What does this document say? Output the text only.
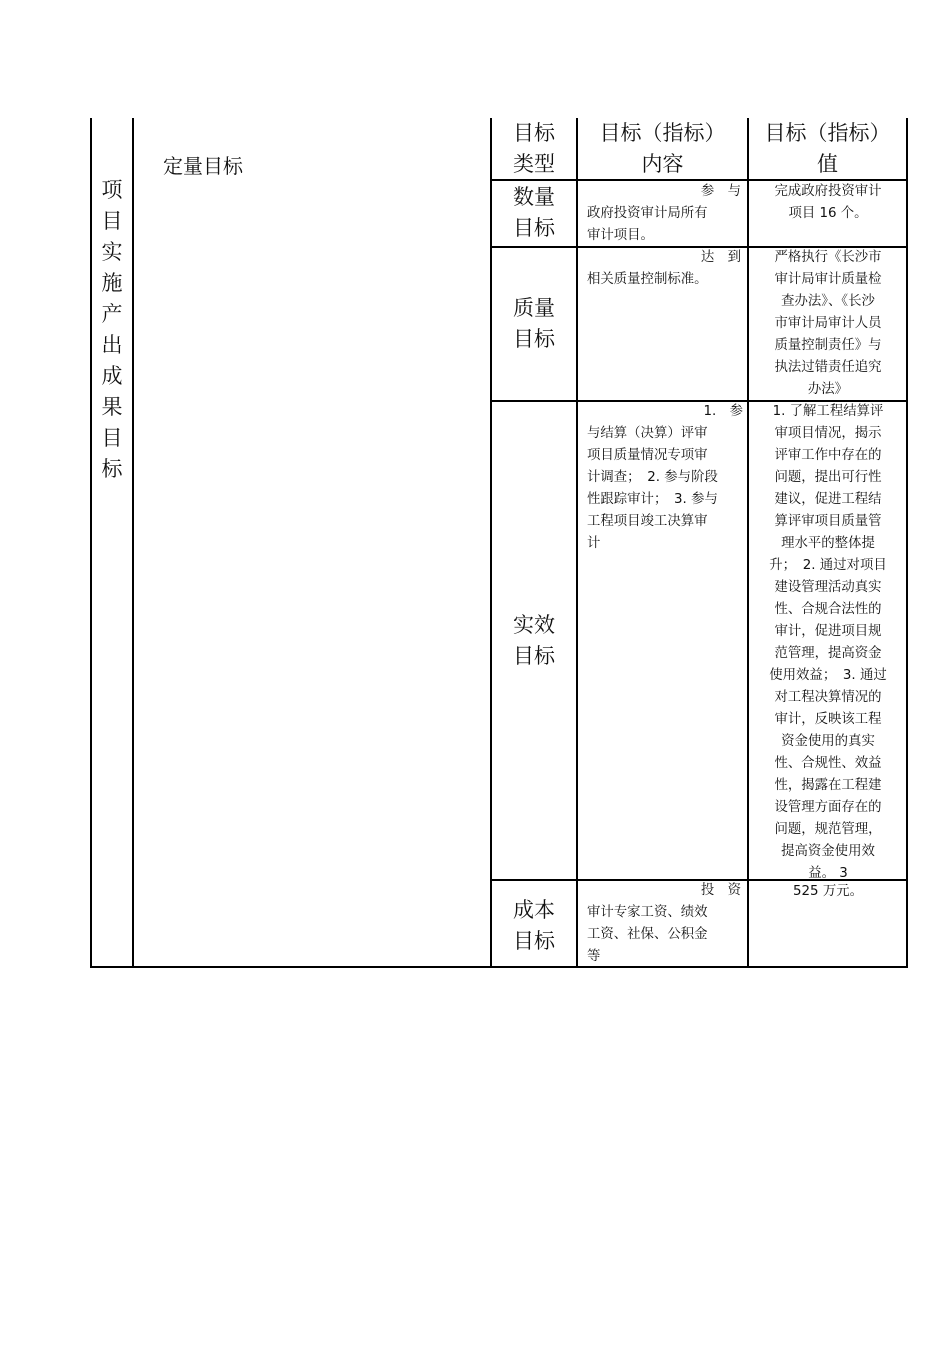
项
目
实
施
产
出
成
果
目
标
定量目标
目标
类型
目标（指标）
内容
目标（指标）
值
数量
目标
参　与
政府投资审计局所有
审计项目。
完成政府投资审计
项目 16 个。
质量
目标
达　到
相关质量控制标准。
严格执行《长沙市
审计局审计质量检
查办法》、《长沙
市审计局审计人员
质量控制责任》与
执法过错责任追究
办法》
实效
目标
1.　参
与结算（决算）评审
项目质量情况专项审
计调查；　2. 参与阶段
性跟踪审计；　3. 参与
工程项目竣工决算审
计
1. 了解工程结算评
审项目情况，揭示
评审工作中存在的
问题，提出可行性
建议，促进工程结
算评审项目质量管
理水平的整体提
升；　2. 通过对项目
建设管理活动真实
性、合规合法性的
审计，促进项目规
范管理，提高资金
使用效益；　3. 通过
对工程决算情况的
审计，反映该工程
资金使用的真实
性、合规性、效益
性，揭露在工程建
设管理方面存在的
问题，规范管理，
提高资金使用效
益。 3
成本
目标
投　资
审计专家工资、绩效
工资、社保、公积金
等
525 万元。
